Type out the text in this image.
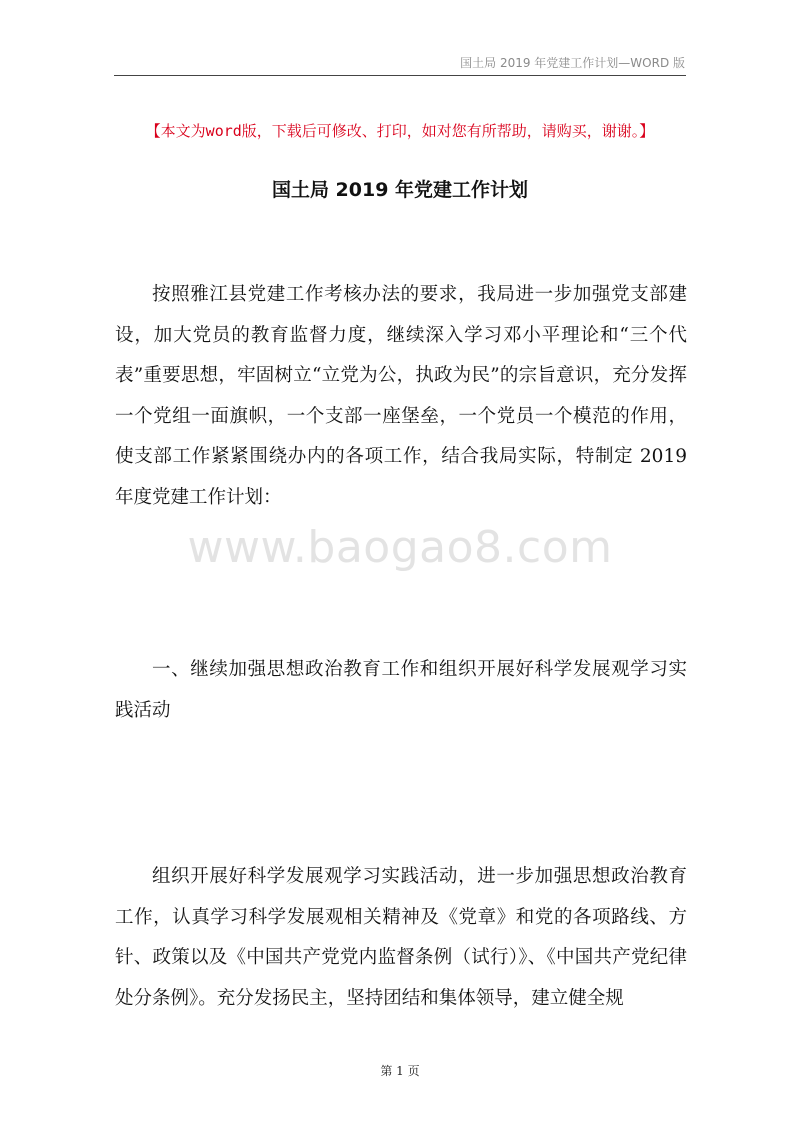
国土局 2019 年党建工作计划—WORD 版
【本文为word版，下载后可修改、打印，如对您有所帮助，请购买，谢谢。】
国土局 2019 年党建工作计划
按照雅江县党建工作考核办法的要求，我局进一步加强党支部建设，加大党员的教育监督力度，继续深入学习邓小平理论和“三个代表”重要思想，牢固树立“立党为公，执政为民”的宗旨意识，充分发挥一个党组一面旗帜，一个支部一座堡垒，一个党员一个模范的作用，使支部工作紧紧围绕办内的各项工作，结合我局实际，特制定 2019 年度党建工作计划：
www.baogao8.com
一、继续加强思想政治教育工作和组织开展好科学发展观学习实践活动
组织开展好科学发展观学习实践活动，进一步加强思想政治教育工作，认真学习科学发展观相关精神及《党章》和党的各项路线、方针、政策以及《中国共产党党内监督条例（试行）》、《中国共产党纪律处分条例》。充分发扬民主，坚持团结和集体领导，建立健全规
第 1 页
